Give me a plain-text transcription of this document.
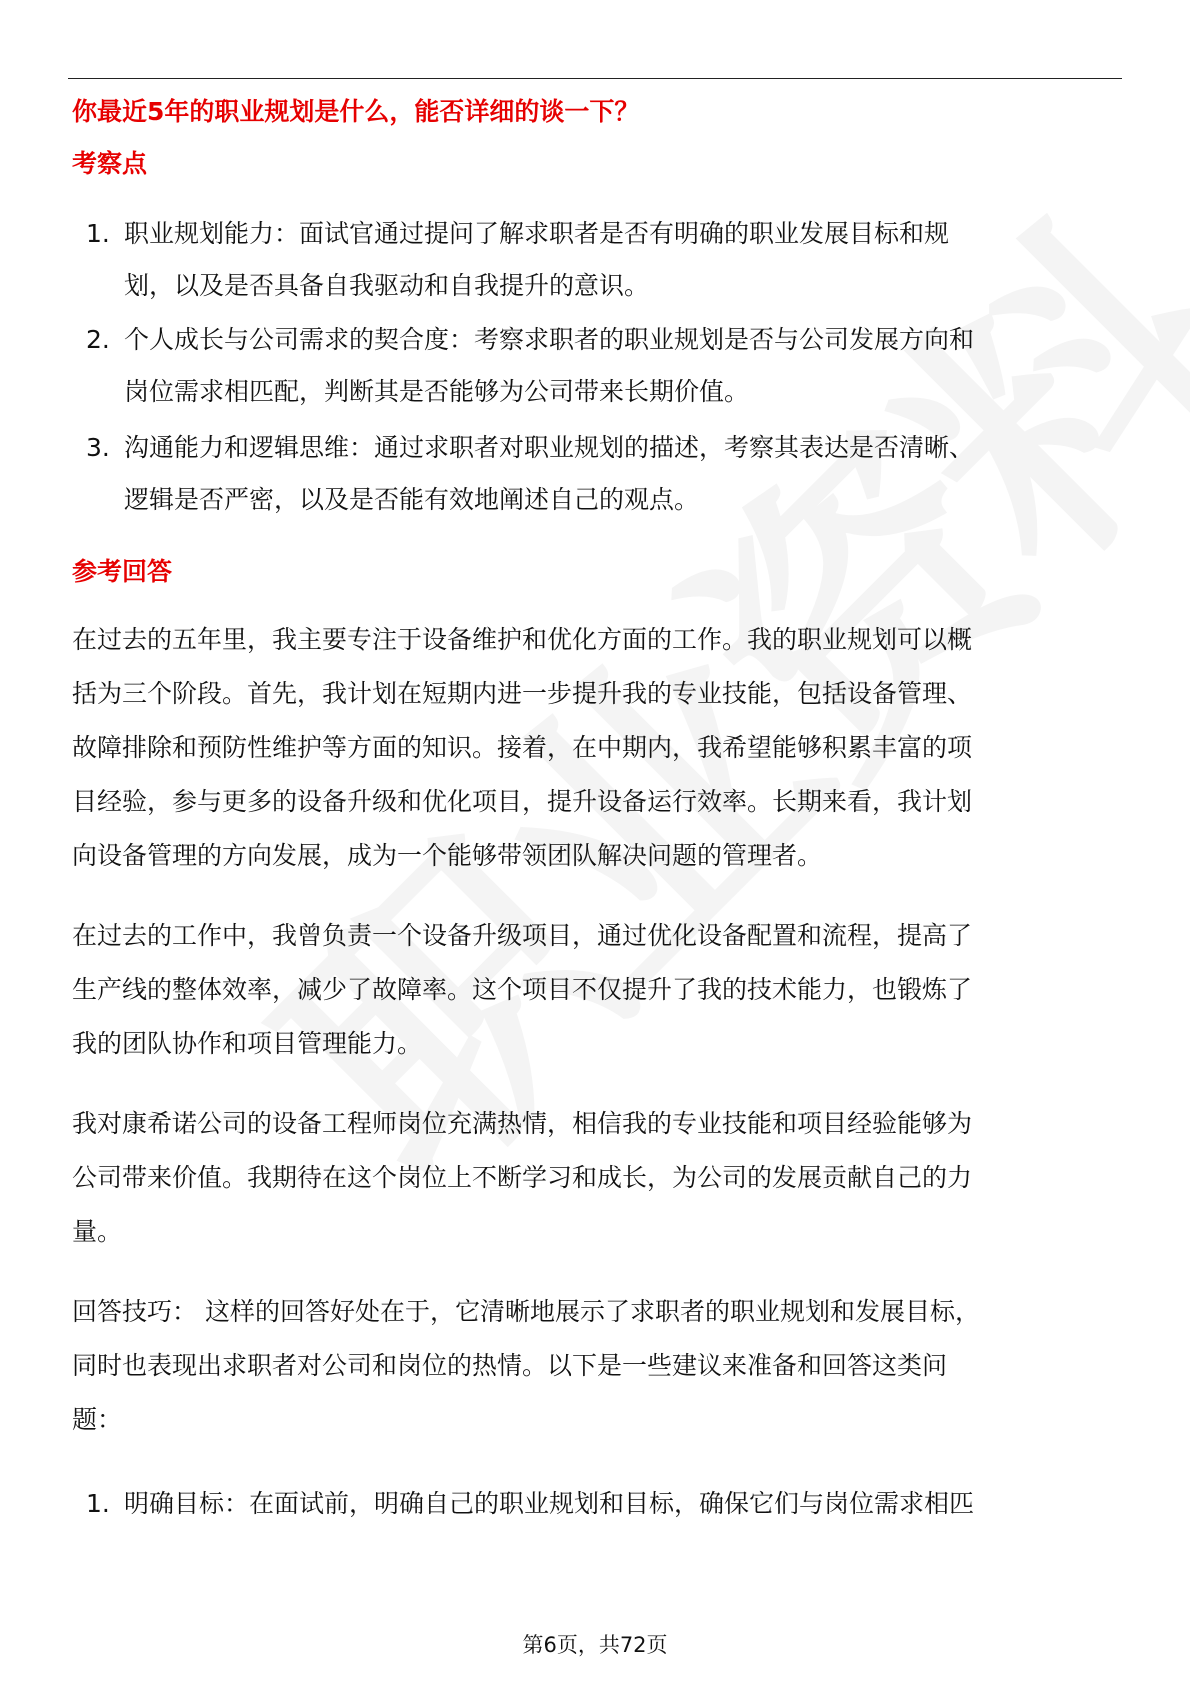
你最近5年的职业规划是什么，能否详细的谈一下？
考察点
1. 职业规划能力：面试官通过提问了解求职者是否有明确的职业发展目标和规
划，以及是否具备自我驱动和自我提升的意识。
2. 个人成长与公司需求的契合度：考察求职者的职业规划是否与公司发展方向和
岗位需求相匹配，判断其是否能够为公司带来长期价值。
3. 沟通能力和逻辑思维：通过求职者对职业规划的描述，考察其表达是否清晰、
逻辑是否严密，以及是否能有效地阐述自己的观点。
参考回答
在过去的五年里，我主要专注于设备维护和优化方面的工作。我的职业规划可以概
括为三个阶段。首先，我计划在短期内进一步提升我的专业技能，包括设备管理、
故障排除和预防性维护等方面的知识。接着，在中期内，我希望能够积累丰富的项
目经验，参与更多的设备升级和优化项目，提升设备运行效率。长期来看，我计划
向设备管理的方向发展，成为一个能够带领团队解决问题的管理者。
在过去的工作中，我曾负责一个设备升级项目，通过优化设备配置和流程，提高了
生产线的整体效率，减少了故障率。这个项目不仅提升了我的技术能力，也锻炼了
我的团队协作和项目管理能力。
我对康希诺公司的设备工程师岗位充满热情，相信我的专业技能和项目经验能够为
公司带来价值。我期待在这个岗位上不断学习和成长，为公司的发展贡献自己的力
量。
回答技巧： 这样的回答好处在于，它清晰地展示了求职者的职业规划和发展目标，
同时也表现出求职者对公司和岗位的热情。以下是一些建议来准备和回答这类问
题：
1. 明确目标：在面试前，明确自己的职业规划和目标，确保它们与岗位需求相匹
第6页，共72页
